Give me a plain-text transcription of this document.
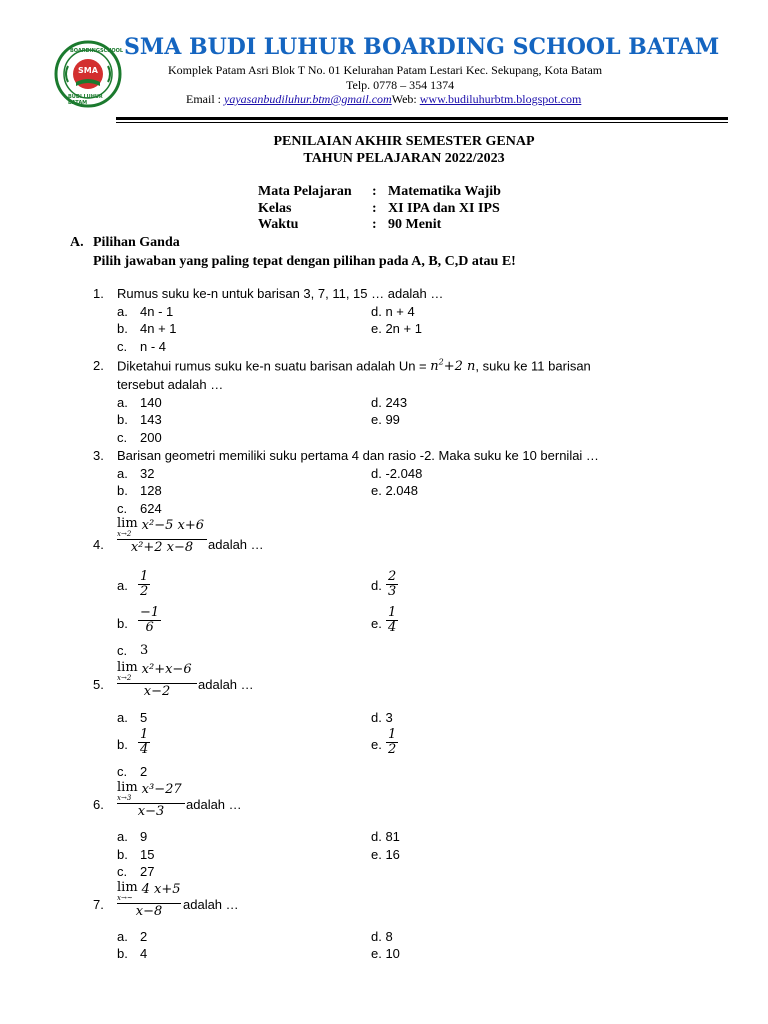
SMA
BOARDINGSCHOOL
BUDI LUHUR BATAM
SMA BUDI LUHUR BOARDING SCHOOL BATAM
Komplek Patam Asri Blok T No. 01 Kelurahan Patam Lestari Kec. Sekupang, Kota Batam
Telp. 0778 – 354 1374
Email : yayasanbudiluhur.btm@gmail.comWeb: www.budiluhurbtm.blogspot.com
PENILAIAN AKHIR SEMESTER GENAP
TAHUN PELAJARAN 2022/2023
Mata Pelajaran : Matematika Wajib
Kelas	: XI IPA dan XI IPS
Waktu	: 90 Menit
A. Pilihan Ganda
Pilih jawaban yang paling tepat dengan pilihan pada A, B, C,D atau E!
1. Rumus suku ke-n untuk barisan 3, 7, 11, 15 … adalah …
a. 4n - 1
b. 4n + 1
c. n - 4
d. n + 4
e. 2n + 1
2. Diketahui rumus suku ke-n suatu barisan adalah $Un = n^2+2$ n, suku ke 11 barisan
tersebut adalah …
a. 140
b. 143
c. 200
d. 243
e. 99
3. Barisan geometri memiliki suku pertama 4 dan rasio -2. Maka suku ke 10 bernilai …
a. 32
b. 128
c. 624
d. -2.048
e. 2.048
4. lim
x→2
x²−5 x+6
x²+2 x−8 adalah …
a. $\frac{1}{2}$
b. $\frac{-1}{6}$
c. 3
d. $\frac{2}{3}$
e. $\frac{1}{4}$
5. lim
x→2
x²+x−6
x−2 adalah …
a. 5
b. $\frac{1}{4}$
c. 2
d. 3
e. $\frac{1}{2}$
6. lim
x→3
x³−27
x−3 adalah …
a. 9
b. 15
c. 27
d. 81
e. 16
7. lim
x→~
4 x+5
x−8 adalah …
a. 2
b. 4
d. 8
e. 10
